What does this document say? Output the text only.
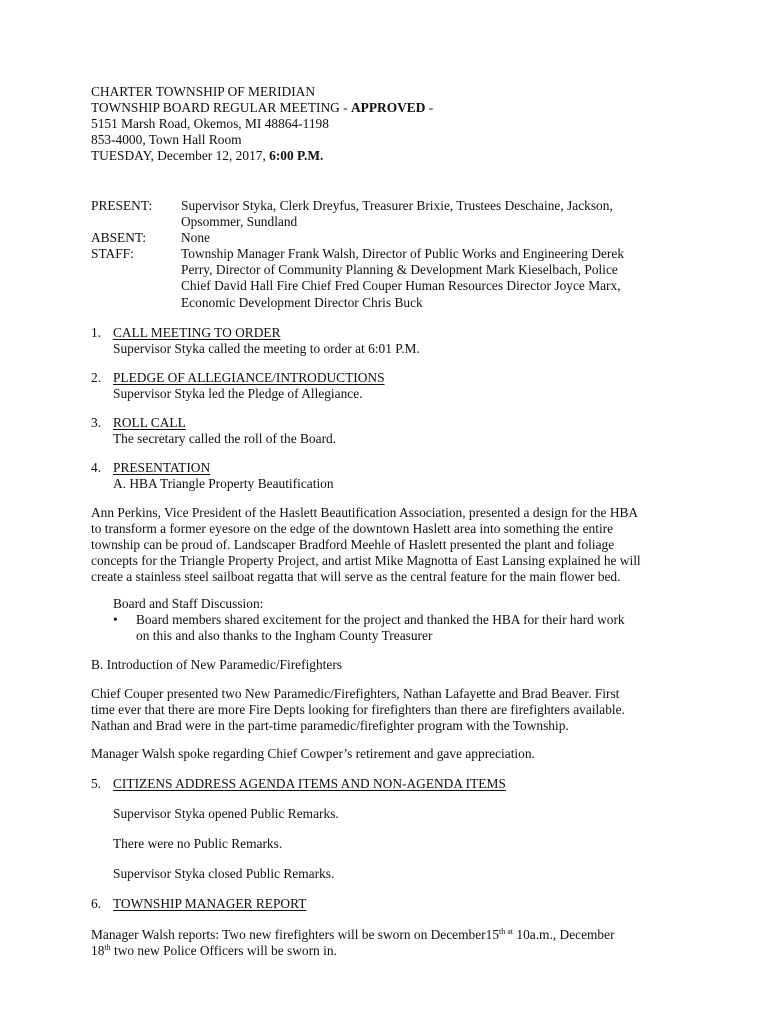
CHARTER TOWNSHIP OF MERIDIAN
TOWNSHIP BOARD REGULAR MEETING - APPROVED -
5151 Marsh Road, Okemos, MI 48864-1198
853-4000, Town Hall Room
TUESDAY, December 12, 2017, 6:00 P.M.
PRESENT:	Supervisor Styka, Clerk Dreyfus, Treasurer Brixie, Trustees Deschaine, Jackson,
Opsommer, Sundland
ABSENT:	None
STAFF:	Township Manager Frank Walsh, Director of Public Works and Engineering Derek
Perry, Director of Community Planning & Development Mark Kieselbach, Police
Chief David Hall Fire Chief Fred Couper Human Resources Director Joyce Marx,
Economic Development Director Chris Buck
1. CALL MEETING TO ORDER
Supervisor Styka called the meeting to order at 6:01 P.M.
2. PLEDGE OF ALLEGIANCE/INTRODUCTIONS
Supervisor Styka led the Pledge of Allegiance.
3. ROLL CALL
The secretary called the roll of the Board.
4. PRESENTATION
A. HBA Triangle Property Beautification
Ann Perkins, Vice President of the Haslett Beautification Association, presented a design for the HBA
to transform a former eyesore on the edge of the downtown Haslett area into something the entire
township can be proud of. Landscaper Bradford Meehle of Haslett presented the plant and foliage
concepts for the Triangle Property Project, and artist Mike Magnotta of East Lansing explained he will
create a stainless steel sailboat regatta that will serve as the central feature for the main flower bed.
Board and Staff Discussion:
• Board members shared excitement for the project and thanked the HBA for their hard work
on this and also thanks to the Ingham County Treasurer
B. Introduction of New Paramedic/Firefighters
Chief Couper presented two New Paramedic/Firefighters, Nathan Lafayette and Brad Beaver. First
time ever that there are more Fire Depts looking for firefighters than there are firefighters available.
Nathan and Brad were in the part-time paramedic/firefighter program with the Township.
Manager Walsh spoke regarding Chief Cowper’s retirement and gave appreciation.
5. CITIZENS ADDRESS AGENDA ITEMS AND NON-AGENDA ITEMS
Supervisor Styka opened Public Remarks.
There were no Public Remarks.
Supervisor Styka closed Public Remarks.
6. TOWNSHIP MANAGER REPORT
Manager Walsh reports: Two new firefighters will be sworn on $December15^{th at}$ 10a.m., December
18th two new Police Officers will be sworn in.
